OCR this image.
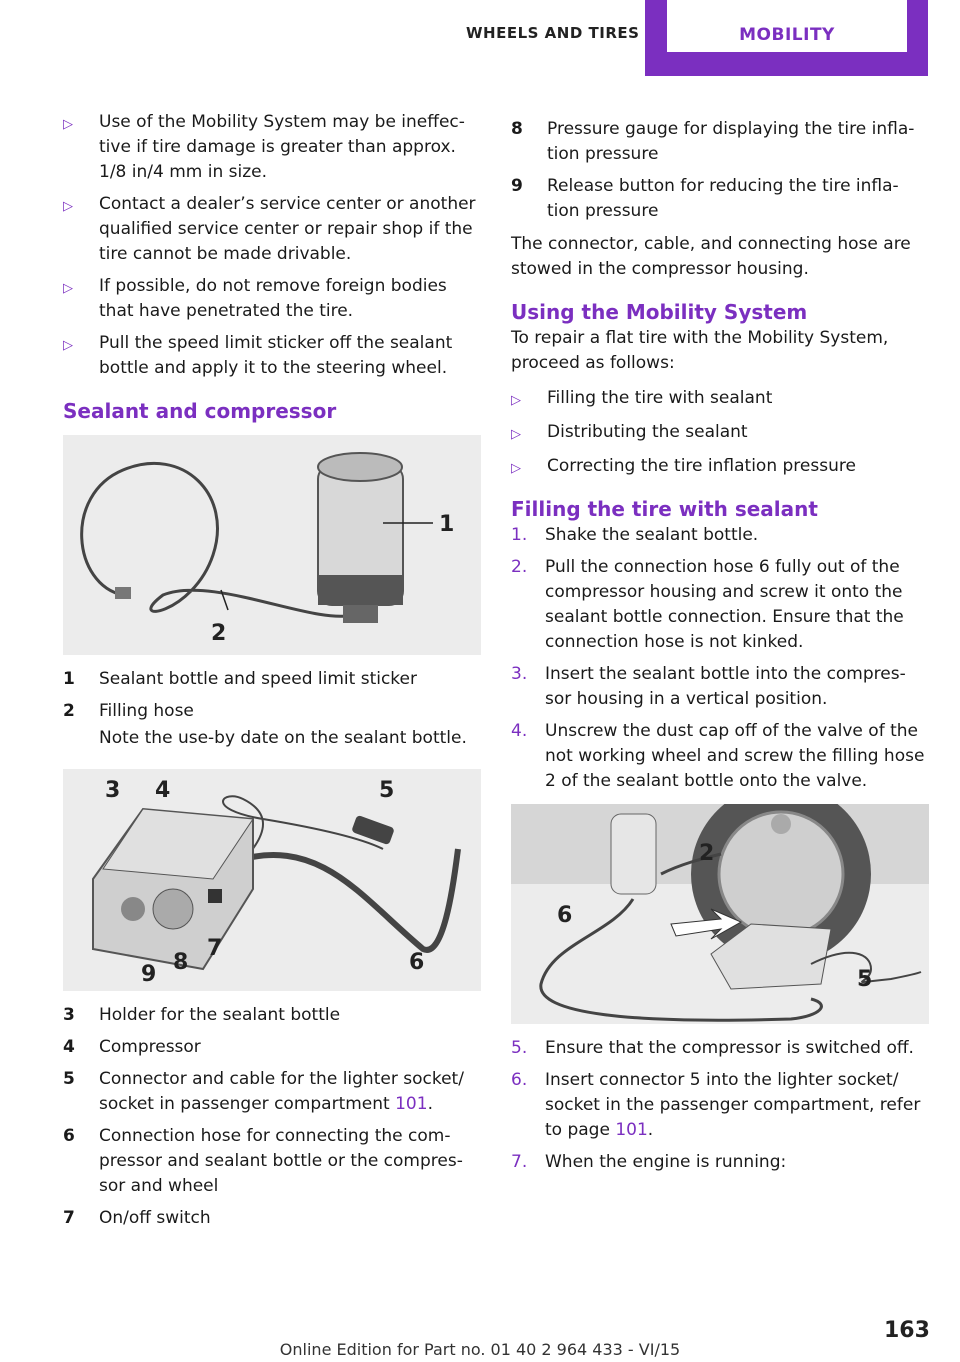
WHEELS AND TIRES	MOBILITY
▷	Use of the Mobility System may be ineffec-tive if tire damage is greater than approx. 1/8 in/4 mm in size.
▷	Contact a dealer’s service center or another qualified service center or repair shop if the tire cannot be made drivable.
▷	If possible, do not remove foreign bodies that have penetrated the tire.
▷	Pull the speed limit sticker off the sealant bottle and apply it to the steering wheel.
Sealant and compressor
1
2
1	Sealant bottle and speed limit sticker
2	Filling hose
Note the use-by date on the sealant bottle.
3 4	5
6
7
8
9
3	Holder for the sealant bottle
4	Compressor
5	Connector and cable for the lighter socket/ socket in passenger compartment 101.
6	Connection hose for connecting the com-pressor and sealant bottle or the compres-sor and wheel
7	On/off switch
8	Pressure gauge for displaying the tire infla-tion pressure
9	Release button for reducing the tire infla-tion pressure
The connector, cable, and connecting hose are stowed in the compressor housing.
Using the Mobility System
To repair a flat tire with the Mobility System, proceed as follows:
▷	Filling the tire with sealant
▷	Distributing the sealant
▷	Correcting the tire inflation pressure
Filling the tire with sealant
1.	Shake the sealant bottle.
2.	Pull the connection hose 6 fully out of the compressor housing and screw it onto the sealant bottle connection. Ensure that the connection hose is not kinked.
3.	Insert the sealant bottle into the compres-sor housing in a vertical position.
4.	Unscrew the dust cap off of the valve of the not working wheel and screw the filling hose 2 of the sealant bottle onto the valve.
2
6
5
5.	Ensure that the compressor is switched off.
6.	Insert connector 5 into the lighter socket/ socket in the passenger compartment, refer to page 101.
7.	When the engine is running:
163
Online Edition for Part no. 01 40 2 964 433 - VI/15
